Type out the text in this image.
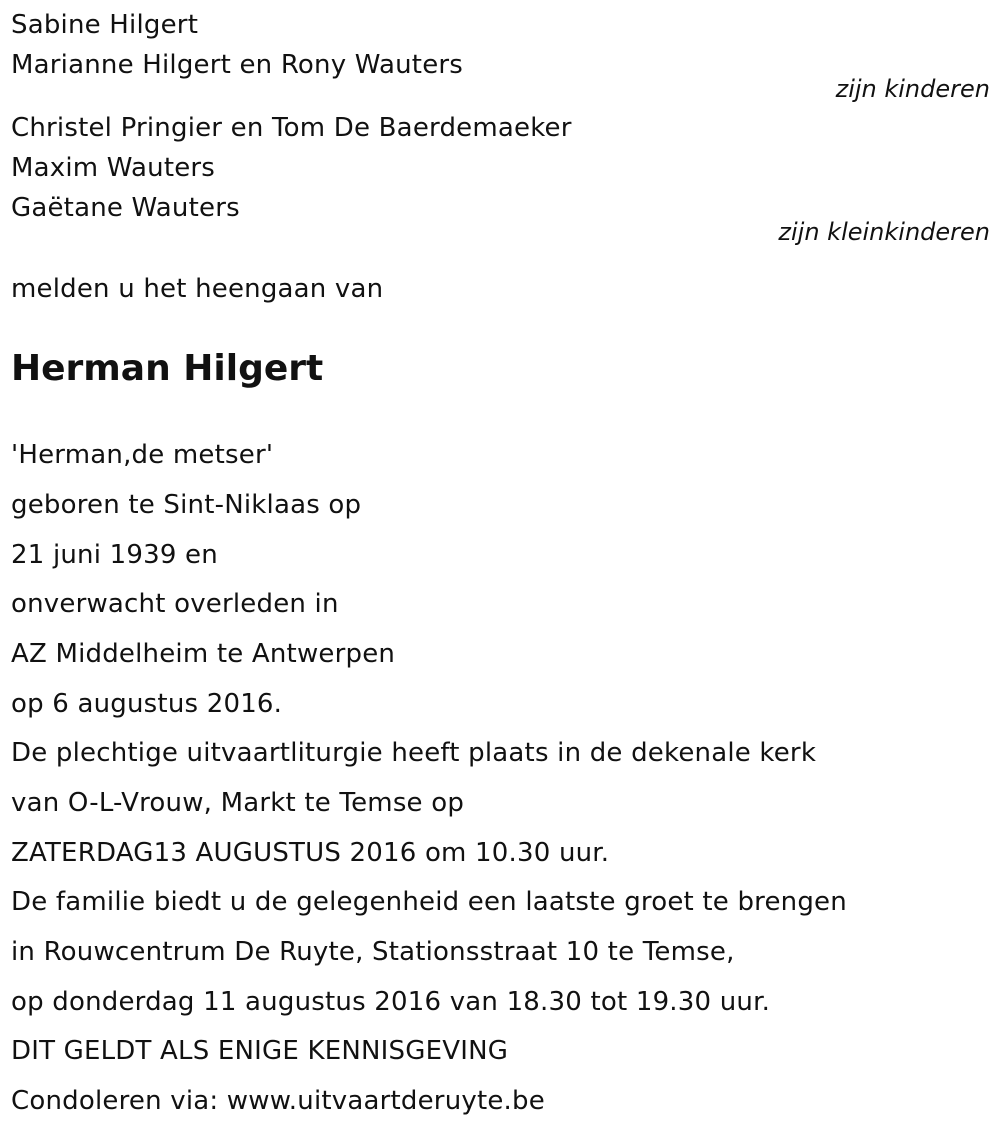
Sabine Hilgert
Marianne Hilgert en Rony Wauters
zijn kinderen
Christel Pringier en Tom De Baerdemaeker
Maxim Wauters
Gaëtane Wauters
zijn kleinkinderen
melden u het heengaan van
Herman Hilgert
'Herman,de metser'
geboren te Sint-Niklaas op
21 juni 1939 en
onverwacht overleden in
AZ Middelheim te Antwerpen
op 6 augustus 2016.
De plechtige uitvaartliturgie heeft plaats in de dekenale kerk
van O-L-Vrouw, Markt te Temse op
ZATERDAG13 AUGUSTUS 2016 om 10.30 uur.
De familie biedt u de gelegenheid een laatste groet te brengen
in Rouwcentrum De Ruyte, Stationsstraat 10 te Temse,
op donderdag 11 augustus 2016 van 18.30 tot 19.30 uur.
DIT GELDT ALS ENIGE KENNISGEVING
Condoleren via: www.uitvaartderuyte.be
